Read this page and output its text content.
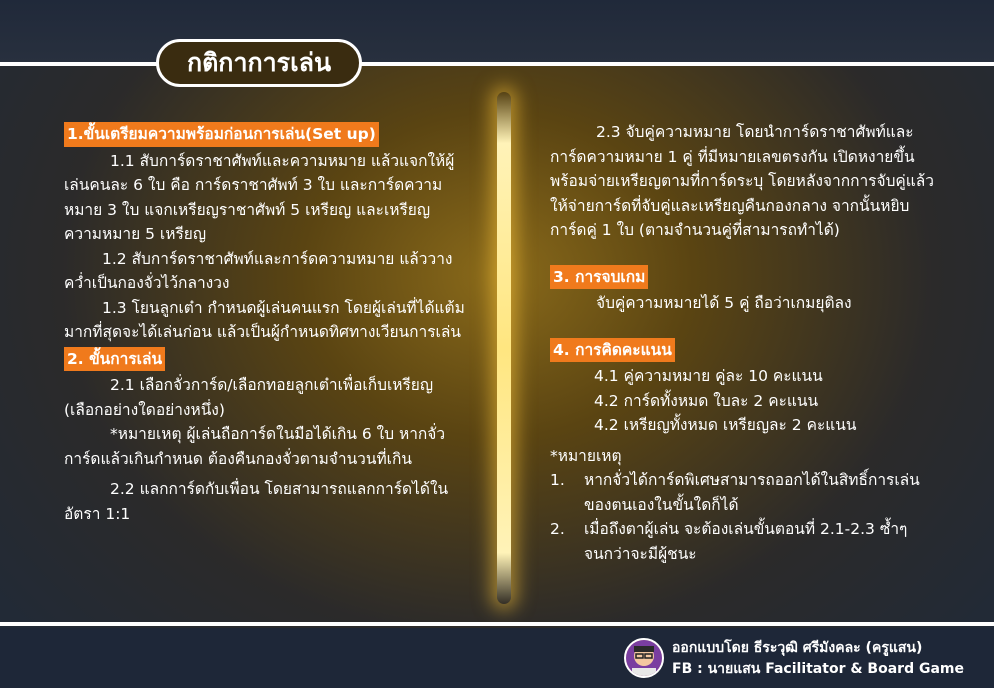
กติกาการเล่น
1.ขั้นเตรียมความพร้อมก่อนการเล่น(Set up)

1.1 สับการ์ดราชาศัพท์และความหมาย แล้วแจกให้ผู้เล่นคนละ 6 ใบ คือ การ์ดราชาศัพท์ 3 ใบ และการ์ดความหมาย 3 ใบ แจกเหรียญราชาศัพท์ 5 เหรียญ และเหรียญความหมาย 5 เหรียญ

1.2 สับการ์ดราชาศัพท์และการ์ดความหมาย แล้ววางคว่ำเป็นกองจั่วไว้กลางวง

1.3 โยนลูกเต๋า กำหนดผู้เล่นคนแรก โดยผู้เล่นที่ได้แต้มมากที่สุดจะได้เล่นก่อน แล้วเป็นผู้กำหนดทิศทางเวียนการเล่น

2. ขั้นการเล่น

2.1 เลือกจั่วการ์ด/เลือกทอยลูกเต๋าเพื่อเก็บเหรียญ (เลือกอย่างใดอย่างหนึ่ง)

*หมายเหตุ ผู้เล่นถือการ์ดในมือได้เกิน 6 ใบ หากจั่วการ์ดแล้วเกินกำหนด ต้องคืนกองจั่วตามจำนวนที่เกิน

2.2 แลกการ์ดกับเพื่อน โดยสามารถแลกการ์ดได้ในอัตรา 1:1

2.3 จับคู่ความหมาย โดยนำการ์ดราชาศัพท์และการ์ดความหมาย 1 คู่ ที่มีหมายเลขตรงกัน เปิดหงายขึ้น พร้อมจ่ายเหรียญตามที่การ์ดระบุ โดยหลังจากการจับคู่แล้วให้จ่ายการ์ดที่จับคู่และเหรียญคืนกองกลาง จากนั้นหยิบการ์ดคู่ 1 ใบ (ตามจำนวนคู่ที่สามารถทำได้)

3. การจบเกม

จับคู่ความหมายได้ 5 คู่ ถือว่าเกมยุติลง

4. การคิดคะแนน

4.1 คู่ความหมาย คู่ละ 10 คะแนน

4.2 การ์ดทั้งหมด ใบละ 2 คะแนน

4.2 เหรียญทั้งหมด เหรียญละ 2 คะแนน

*หมายเหตุ

1.	หากจั่วได้การ์ดพิเศษสามารถออกได้ในสิทธิ์การเล่นของตนเองในขั้นใดก็ได้
2.	เมื่อถึงตาผู้เล่น จะต้องเล่นขั้นตอนที่ 2.1-2.3 ซ้ำๆ จนกว่าจะมีผู้ชนะ
ออกแบบโดย ธีระวุฒิ ศรีมังคละ (ครูแสน)
FB : นายแสน Facilitator & Board Game
